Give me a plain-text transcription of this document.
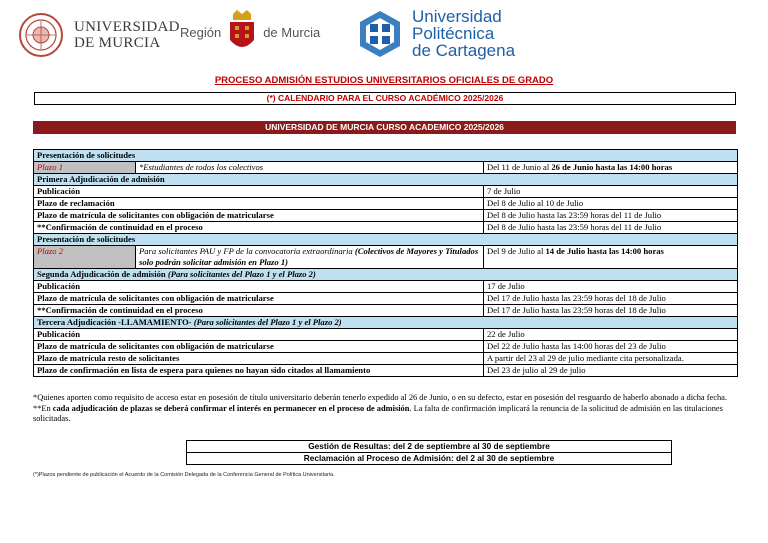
UNIVERSIDAD
DE MURCIA
Región	de Murcia
Universidad
Politécnica
de Cartagena
PROCESO ADMISIÓN ESTUDIOS UNIVERSITARIOS OFICIALES DE GRADO
(*) CALENDARIO PARA EL CURSO ACADÉMICO 2025/2026
UNIVERSIDAD DE MURCIA CURSO ACADEMICO 2025/2026
Presentación de solicitudes		
Plazo 1	*Estudiantes de todos los colectivos	Del 11 de Junio al 26 de Junio hasta las 14:00 horas
Primera Adjudicación de admisión		
Publicación		7 de Julio
Plazo de reclamación		Del 8 de Julio al 10 de Julio
Plazo de matrícula de solicitantes con obligación de matricularse		Del 8 de Julio hasta las 23:59 horas del 11 de Julio
**Confirmación de continuidad en el proceso		Del 8 de Julio hasta las 23:59 horas del 11 de Julio
Presentación de solicitudes		
Plazo 2	Para solicitantes PAU y FP de la convocatoria extraordinaria (Colectivos de Mayores y Titulados solo podrán solicitar admisión en Plazo 1)	Del 9 de Julio al 14 de Julio hasta las 14:00 horas
Segunda Adjudicación de admisión (Para solicitantes del Plazo 1 y el Plazo 2)		
Publicación		17 de Julio
Plazo de matrícula de solicitantes con obligación de matricularse		Del 17 de Julio hasta las 23:59 horas del 18 de Julio
**Confirmación de continuidad en el proceso		Del 17 de Julio hasta las 23:59 horas del 18 de Julio
Tercera Adjudicación -LLAMAMIENTO- (Para solicitantes del Plazo 1 y el Plazo 2)		
Publicación		22 de Julio
Plazo de matrícula de solicitantes con obligación de matricularse		Del 22 de Julio hasta las 14:00 horas del 23 de Julio
Plazo de matrícula resto de solicitantes		A partir del 23 al 29 de julio mediante cita personalizada.
Plazo de confirmación en lista de espera para quienes no hayan sido citados al llamamiento		Del 23 de julio al 29 de julio

*Quienes aporten como requisito de acceso estar en posesión de título universitario deberán tenerlo expedido al 26 de Junio, o en su defecto, estar en posesión del resguardo de haberlo abonado a dicha fecha.

**En cada adjudicación de plazas se deberá confirmar el interés en permanecer en el proceso de admisión. La falta de confirmación implicará la renuncia de la solicitud de admisión en las titulaciones solicitadas.

Gestión de Resultas: del 2 de septiembre al 30 de septiembre
Reclamación al Proceso de Admisión: del 2 al 30 de septiembre
(*)Plazos pendiente de publicación el Acuerdo de la Comisión Delegada de la Conferencia General de Política Universitaria.
